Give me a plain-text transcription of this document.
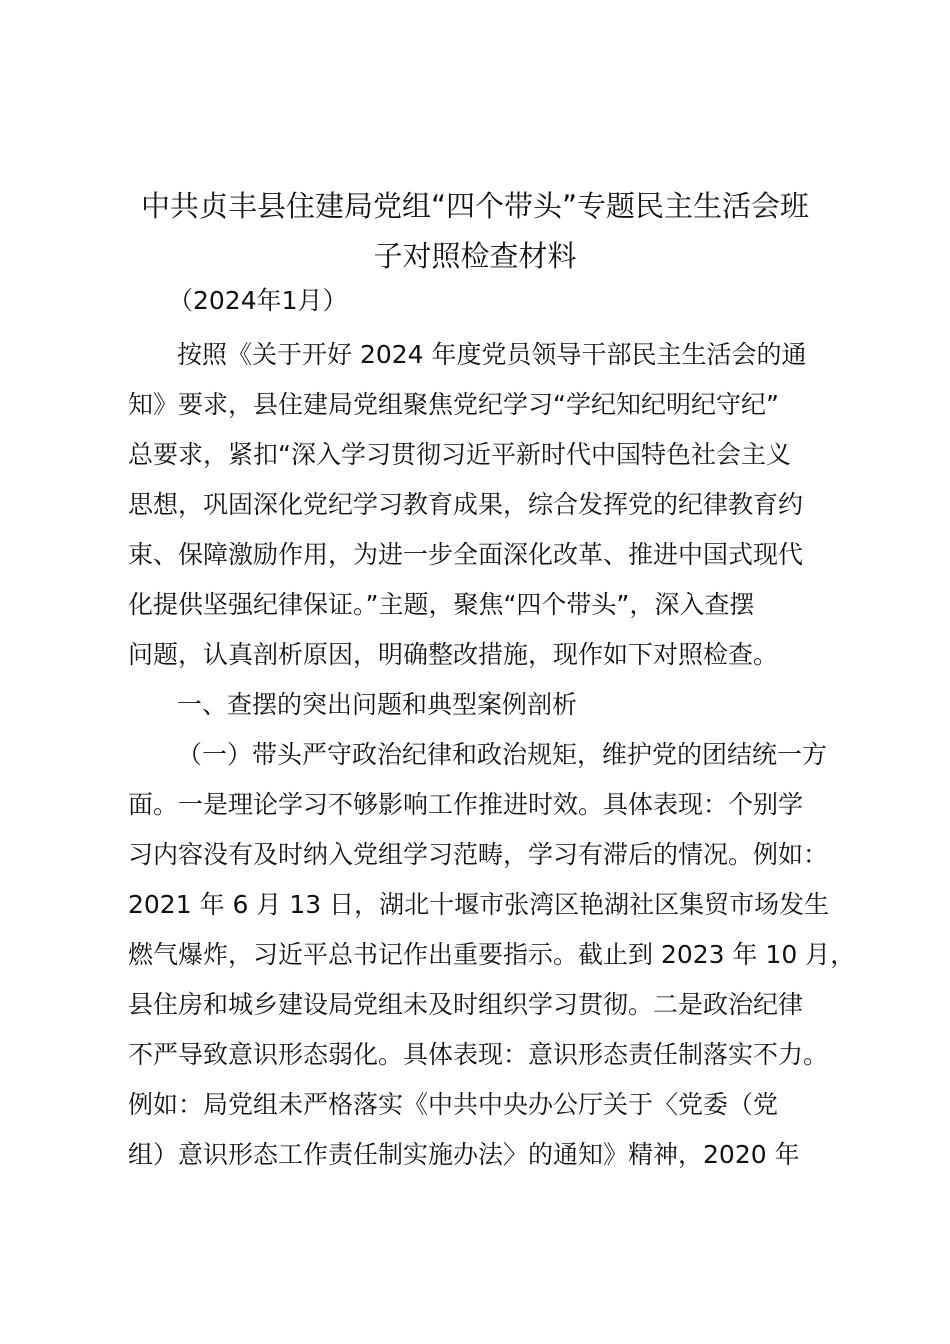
中共贞丰县住建局党组“四个带头”专题民主生活会班
子对照检查材料

（2024年1月）

按照《关于开好 2024 年度党员领导干部民主生活会的通

知》要求，县住建局党组聚焦党纪学习“学纪知纪明纪守纪”

总要求，紧扣“深入学习贯彻习近平新时代中国特色社会主义

思想，巩固深化党纪学习教育成果，综合发挥党的纪律教育约

束、保障激励作用，为进一步全面深化改革、推进中国式现代

化提供坚强纪律保证。”主题，聚焦“四个带头”，深入查摆

问题，认真剖析原因，明确整改措施，现作如下对照检查。

一、查摆的突出问题和典型案例剖析

（一）带头严守政治纪律和政治规矩，维护党的团结统一方

面。一是理论学习不够影响工作推进时效。具体表现：个别学

习内容没有及时纳入党组学习范畴，学习有滞后的情况。例如：

2021 年 6 月 13 日，湖北十堰市张湾区艳湖社区集贸市场发生

燃气爆炸，习近平总书记作出重要指示。截止到 2023 年 10 月，

县住房和城乡建设局党组未及时组织学习贯彻。二是政治纪律

不严导致意识形态弱化。具体表现：意识形态责任制落实不力。

例如：局党组未严格落实《中共中央办公厅关于〈党委（党

组）意识形态工作责任制实施办法〉的通知》精神，2020 年
